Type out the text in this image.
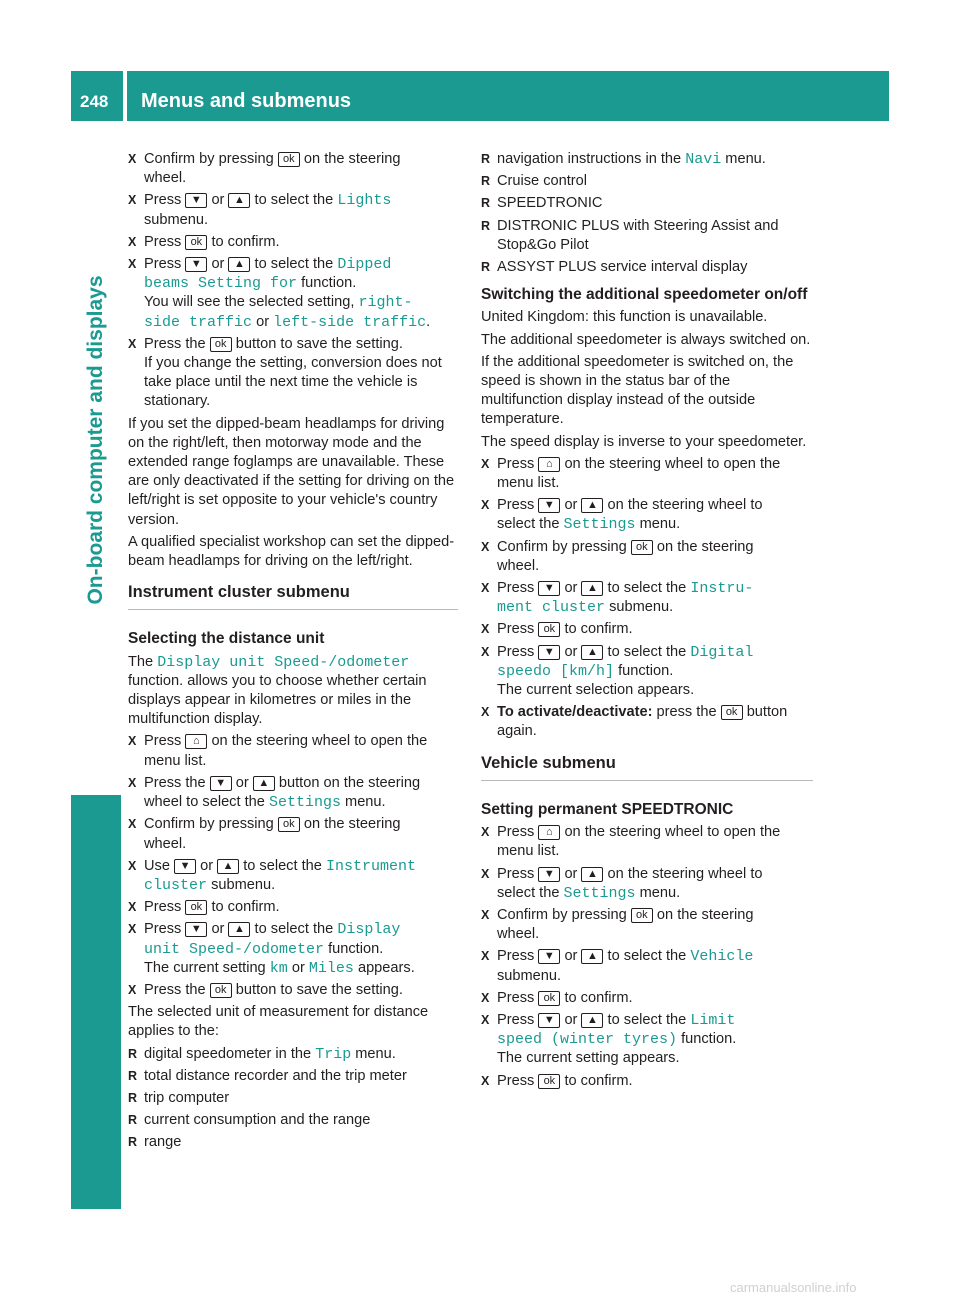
248 Menus and submenus
On-board computer and displays
X Confirm by pressing ok on the steering
wheel.
X Press ▼ or ▲ to select the Lights
submenu.
X Press ok to confirm.
X Press ▼ or ▲ to select the Dipped
beams Setting for function.
You will see the selected setting, right-
side traffic or left-side traffic.
X Press the ok button to save the setting.
If you change the setting, conversion does not take place until the next time the vehicle is stationary.

If you set the dipped-beam headlamps for driving on the right/left, then motorway mode and the extended range foglamps are unavailable. These are only deactivated if the setting for driving on the left/right is set opposite to your vehicle's country version.

A qualified specialist workshop can set the dipped-beam headlamps for driving on the left/right.

Instrument cluster submenu
Selecting the distance unit

The Display unit Speed-/odometer function. allows you to choose whether certain displays appear in kilometres or miles in the multifunction display.

X Press ⌂ on the steering wheel to open the
menu list.
X Press the ▼ or ▲ button on the steering
wheel to select the Settings menu.
X Confirm by pressing ok on the steering
wheel.
X Use ▼ or ▲ to select the Instrument
cluster submenu.
X Press ok to confirm.
X Press ▼ or ▲ to select the Display
unit Speed-/odometer function.
The current setting km or Miles appears.
X Press the ok button to save the setting.

The selected unit of measurement for distance applies to the:

R digital speedometer in the Trip menu.
R total distance recorder and the trip meter
R trip computer
R current consumption and the range
R range
R navigation instructions in the Navi menu.
R Cruise control
R SPEEDTRONIC
R DISTRONIC PLUS with Steering Assist and Stop&Go Pilot
R ASSYST PLUS service interval display
Switching the additional speedometer on/off

United Kingdom: this function is unavailable.

The additional speedometer is always switched on.

If the additional speedometer is switched on, the speed is shown in the status bar of the multifunction display instead of the outside temperature.

The speed display is inverse to your speedometer.

X Press ⌂ on the steering wheel to open the
menu list.
X Press ▼ or ▲ on the steering wheel to
select the Settings menu.
X Confirm by pressing ok on the steering
wheel.
X Press ▼ or ▲ to select the Instru‑
ment cluster submenu.
X Press ok to confirm.
X Press ▼ or ▲ to select the Digital
speedo [km/h] function.
The current selection appears.
X To activate/deactivate: press the ok button again.
Vehicle submenu
Setting permanent SPEEDTRONIC
X Press ⌂ on the steering wheel to open the
menu list.
X Press ▼ or ▲ on the steering wheel to
select the Settings menu.
X Confirm by pressing ok on the steering
wheel.
X Press ▼ or ▲ to select the Vehicle
submenu.
X Press ok to confirm.
X Press ▼ or ▲ to select the Limit
speed (winter tyres) function.
The current setting appears.
X Press ok to confirm.
carmanualsonline.info
